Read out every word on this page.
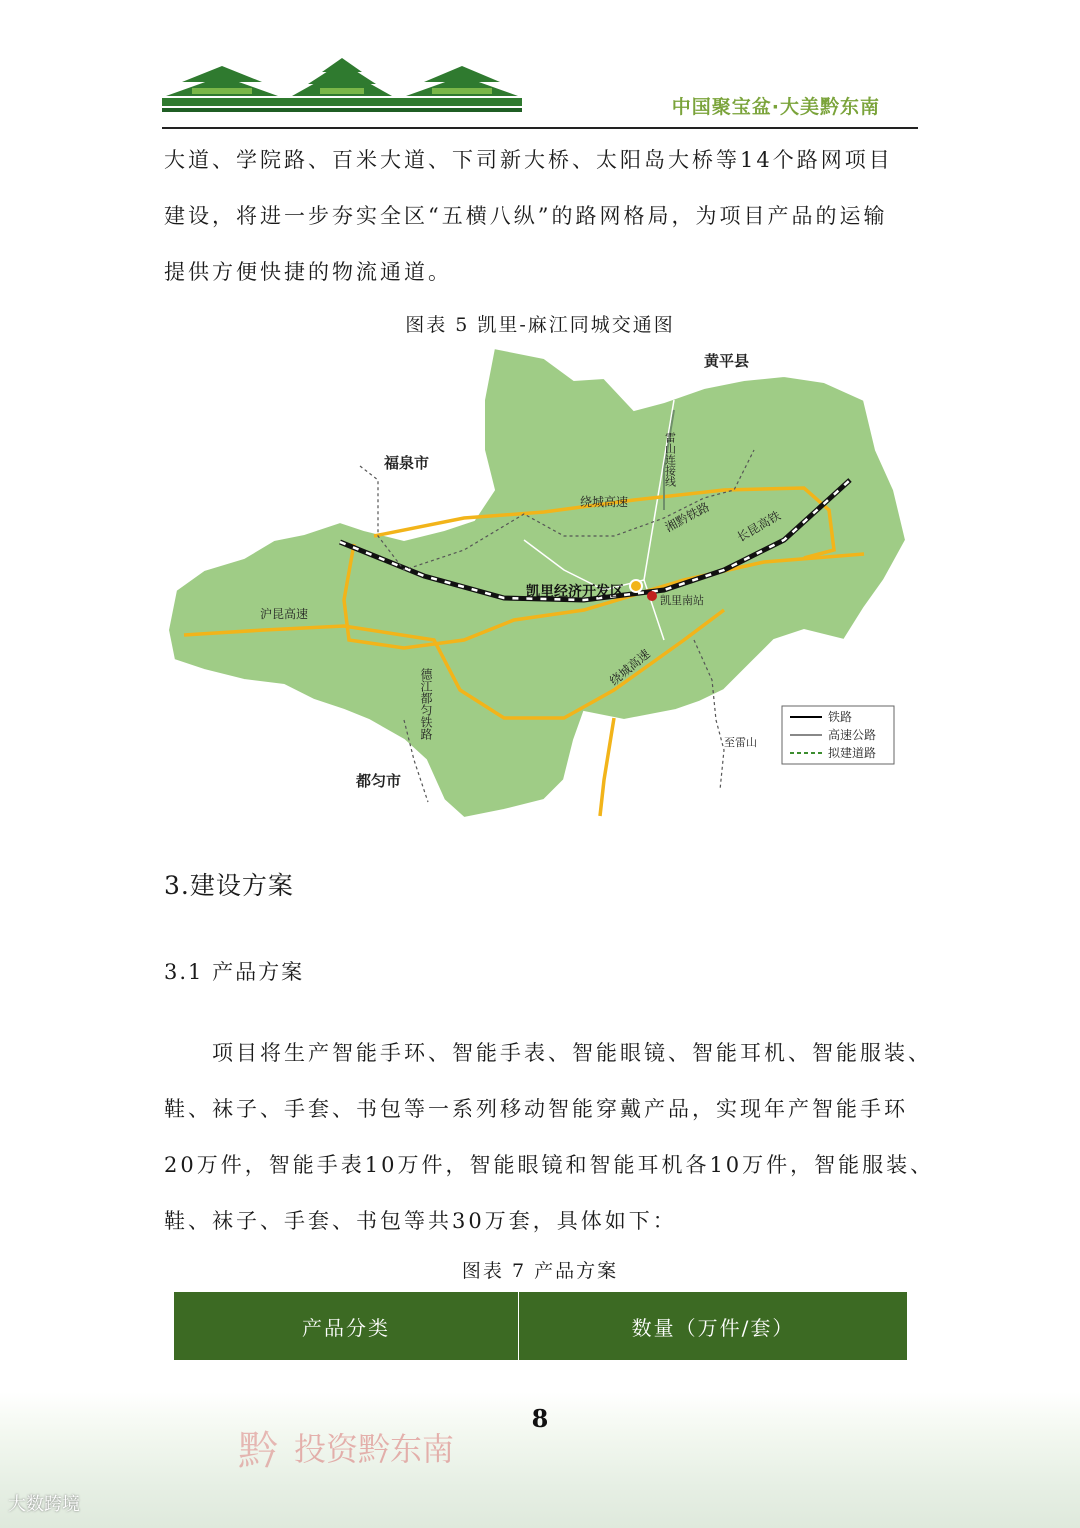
中国聚宝盆·大美黔东南
大道、学院路、百米大道、下司新大桥、太阳岛大桥等14个路网项目
建设，将进一步夯实全区“五横八纵”的路网格局，为项目产品的运输
提供方便快捷的物流通道。
图表 5 凯里-麻江同城交通图
黄平县
福泉市
都匀市
凯里经济开发区
凯里南站
至雷山
绕城高速	湘黔铁路 长昆高铁
沪昆高速
绕城高速
德江都匀铁路
雷山连接线
铁路
高速公路
拟建道路
3.建设方案
3.1 产品方案
项目将生产智能手环、智能手表、智能眼镜、智能耳机、智能服装、
鞋、袜子、手套、书包等一系列移动智能穿戴产品，实现年产智能手环
20万件，智能手表10万件，智能眼镜和智能耳机各10万件，智能服装、
鞋、袜子、手套、书包等共30万套，具体如下：
图表 7 产品方案
产品分类	数量（万件/套）
8
黔 投资黔东南
大数跨境
